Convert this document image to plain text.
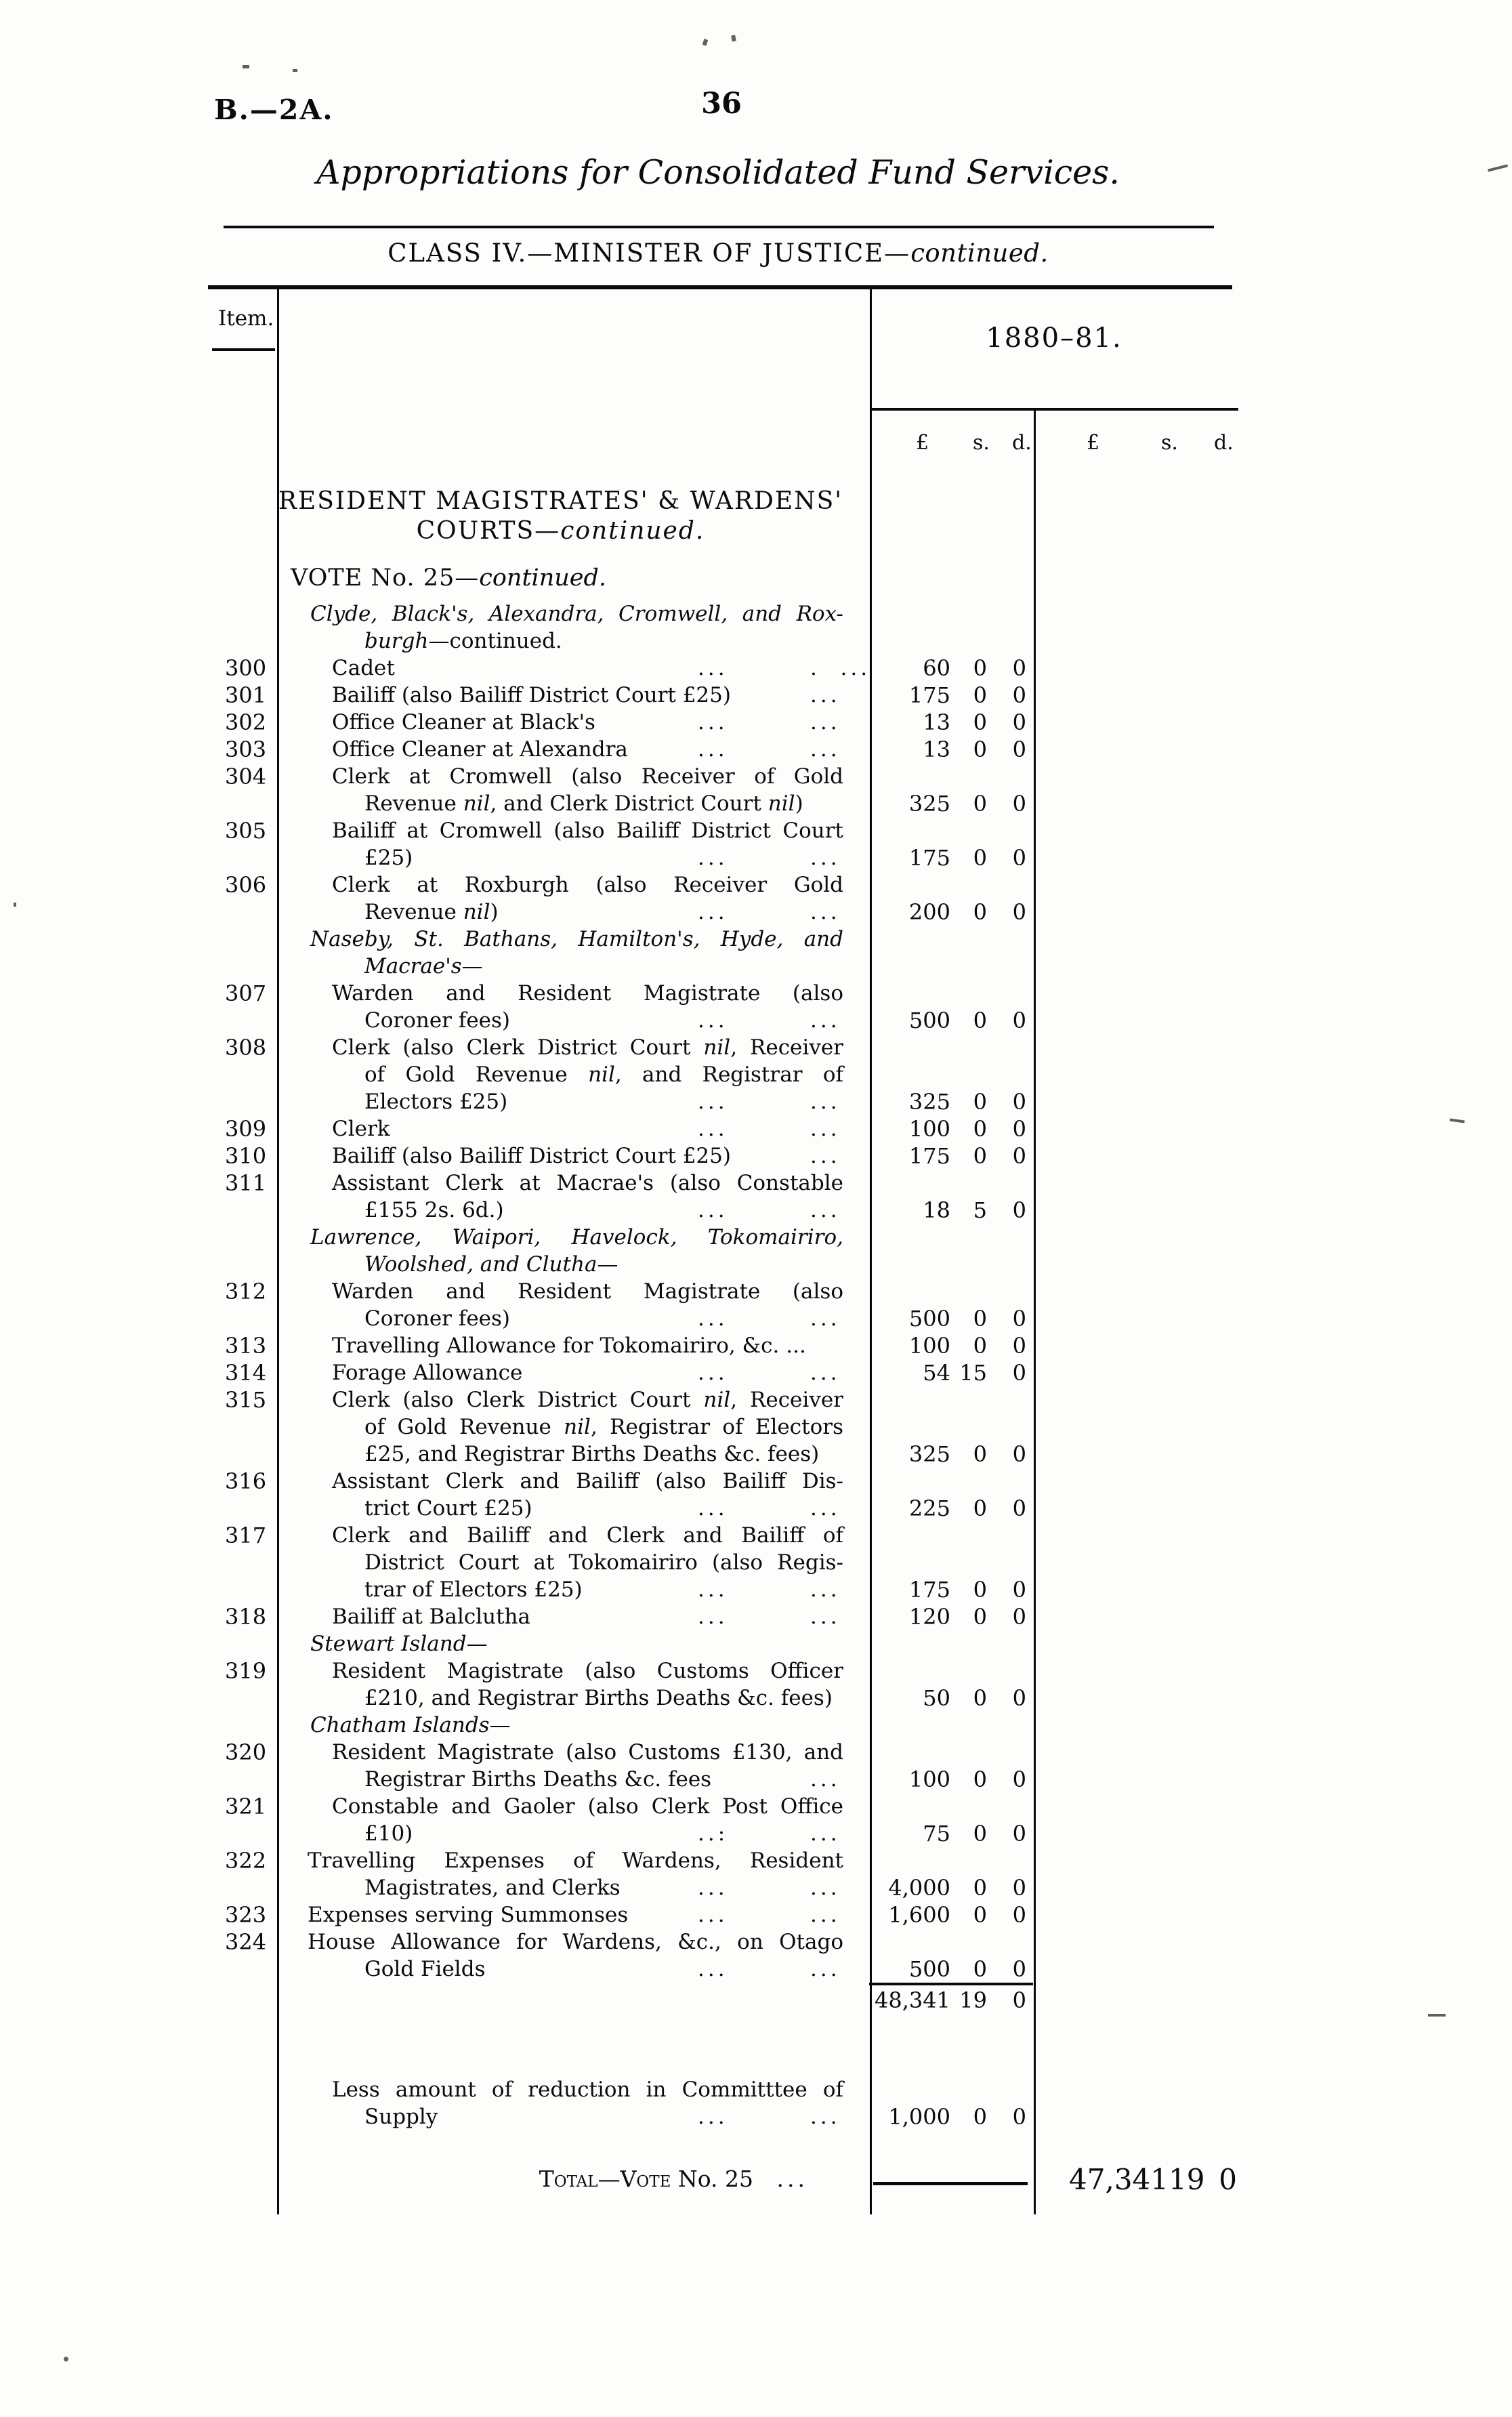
B.—2A.	36
Appropriations for Consolidated Fund Services.
CLASS IV.—MINISTER OF JUSTICE—continued.
Item.
1880–81.
£ s. d.	£	s. d.
RESIDENT MAGISTRATES' & WARDENS'
COURTS—continued.
VOTE No. 25—continued.
Clyde, Black's, Alexandra, Cromwell, and Rox-
burgh—continued.
300	Cadet	...	.  ...	60	0	0
301	Bailiff (also Bailiff District Court £25)	...	175	0	0
302	Office Cleaner at Black's	...	...	13	0	0
303	Office Cleaner at Alexandra	...	...	13	0	0
304	Clerk at Cromwell (also Receiver of Gold
Revenue nil, and Clerk District Court nil)	325	0	0
305	Bailiff at Cromwell (also Bailiff District Court
£25)	...	...	175	0	0
306	Clerk at Roxburgh (also Receiver Gold
Revenue nil)	...	...	200	0	0
Naseby, St. Bathans, Hamilton's, Hyde, and
Macrae's—
307	Warden and Resident Magistrate (also
Coroner fees)	...	...	500	0	0
308	Clerk (also Clerk District Court nil, Receiver
of Gold Revenue nil, and Registrar of
Electors £25)	...	...	325	0	0
309	Clerk	...	...	100	0	0
310	Bailiff (also Bailiff District Court £25)	...	175	0	0
311	Assistant Clerk at Macrae's (also Constable
£155 2s. 6d.)	...	...	18	5	0
Lawrence, Waipori, Havelock, Tokomairiro,
Woolshed, and Clutha—
312	Warden and Resident Magistrate (also
Coroner fees)	...	...	500	0	0
313	Travelling Allowance for Tokomairiro, &c. ...	100	0	0
314	Forage Allowance	...	...	54 15	0
315	Clerk (also Clerk District Court nil, Receiver
of Gold Revenue nil, Registrar of Electors
£25, and Registrar Births Deaths &c. fees)	325	0	0
316	Assistant Clerk and Bailiff (also Bailiff Dis-
trict Court £25)	...	...	225	0	0
317	Clerk and Bailiff and Clerk and Bailiff of
District Court at Tokomairiro (also Regis-
trar of Electors £25)	...	...	175	0	0
318	Bailiff at Balclutha	...	...	120	0	0
Stewart Island—
319	Resident Magistrate (also Customs Officer
£210, and Registrar Births Deaths &c. fees)	50	0	0
Chatham Islands—
320	Resident Magistrate (also Customs £130, and
Registrar Births Deaths &c. fees	...	100	0	0
321	Constable and Gaoler (also Clerk Post Office
£10)	..:	...	75	0	0
322	Travelling Expenses of Wardens, Resident
Magistrates, and Clerks	...	...	4,000	0	0
323	Expenses serving Summonses	...	...	1,600	0	0
324	House Allowance for Wardens, &c., on Otago
Gold Fields	...	...	500	0	0
48,341 19	0
Less amount of reduction in Committtee of
Supply	...	...	1,000	0	0
Total—Vote No. 25 ...	47,341 19 0
